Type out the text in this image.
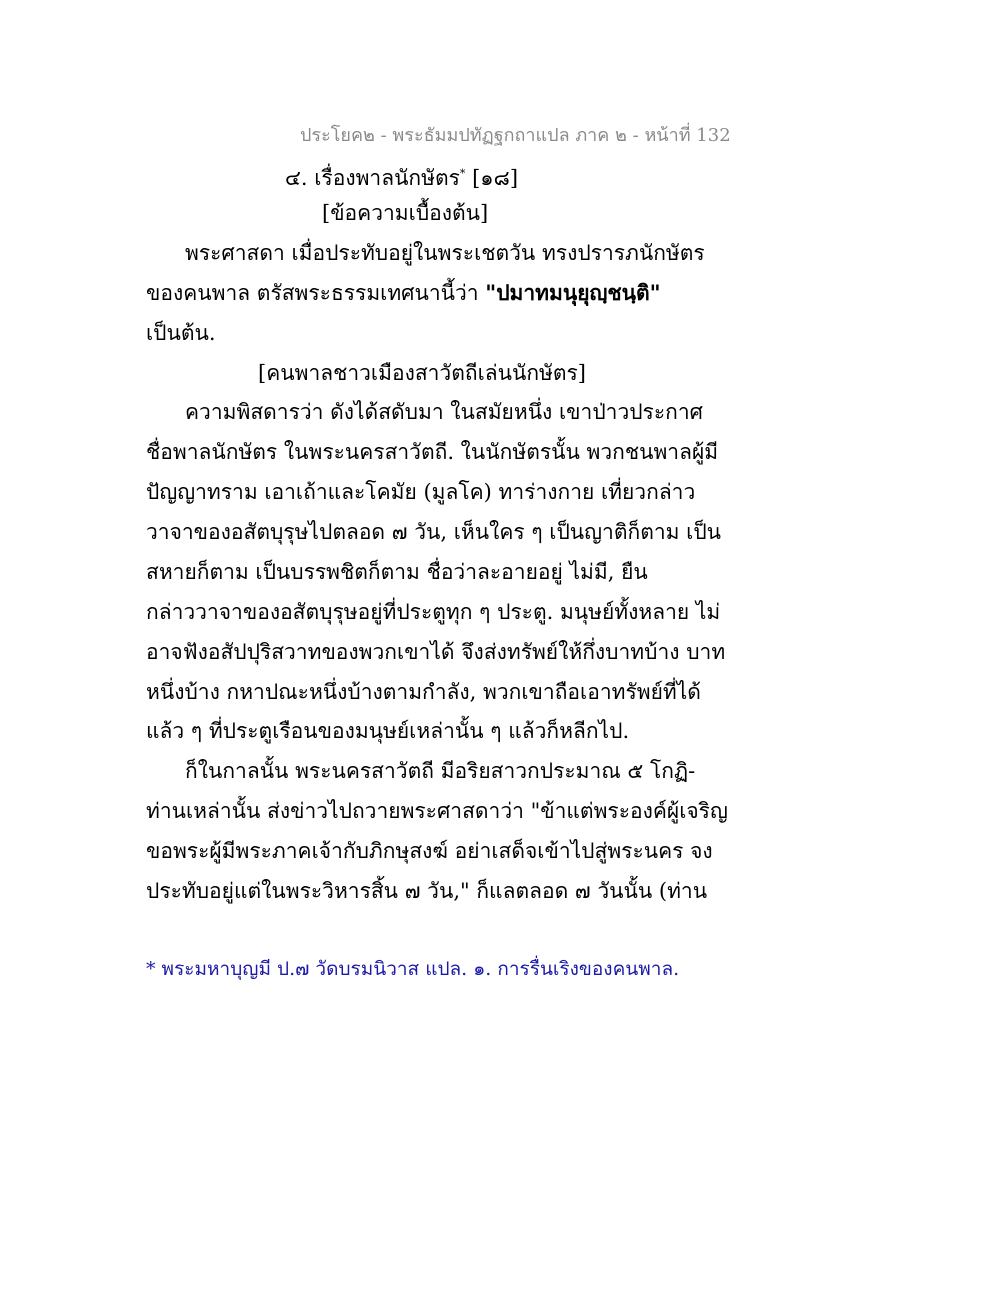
ประโยค๒ - พระธัมมปทัฏฐกถาแปล ภาค ๒ - หน้าที่ 132
๔. เรื่องพาลนักษัตร* [๑๘]
[ข้อความเบื้องต้น]
พระศาสดา เมื่อประทับอยู่ในพระเชตวัน ทรงปรารภนักษัตร
ของคนพาล ตรัสพระธรรมเทศนานี้ว่า "ปมาทมนุยุญฺชนฺติ"
เป็นต้น.
[คนพาลชาวเมืองสาวัตถีเล่นนักษัตร]
ความพิสดารว่า ดังได้สดับมา ในสมัยหนึ่ง เขาป่าวประกาศ
ชื่อพาลนักษัตร ในพระนครสาวัตถี. ในนักษัตรนั้น พวกชนพาลผู้มี
ปัญญาทราม เอาเถ้าและโคมัย (มูลโค) ทาร่างกาย เที่ยวกล่าว
วาจาของอสัตบุรุษไปตลอด ๗ วัน, เห็นใคร ๆ เป็นญาติก็ตาม เป็น
สหายก็ตาม เป็นบรรพชิตก็ตาม ชื่อว่าละอายอยู่ ไม่มี, ยืน
กล่าววาจาของอสัตบุรุษอยู่ที่ประตูทุก ๆ ประตู. มนุษย์ทั้งหลาย ไม่
อาจฟังอสัปปุริสวาทของพวกเขาได้ จึงส่งทรัพย์ให้กึ่งบาทบ้าง บาท
หนึ่งบ้าง กหาปณะหนึ่งบ้างตามกำลัง, พวกเขาถือเอาทรัพย์ที่ได้
แล้ว ๆ ที่ประตูเรือนของมนุษย์เหล่านั้น ๆ แล้วก็หลีกไป.
ก็ในกาลนั้น พระนครสาวัตถี มีอริยสาวกประมาณ ๕ โกฏิ-
ท่านเหล่านั้น ส่งข่าวไปถวายพระศาสดาว่า "ข้าแต่พระองค์ผู้เจริญ
ขอพระผู้มีพระภาคเจ้ากับภิกษุสงฆ์ อย่าเสด็จเข้าไปสู่พระนคร จง
ประทับอยู่แต่ในพระวิหารสิ้น ๗ วัน," ก็แลตลอด ๗ วันนั้น (ท่าน
* พระมหาบุญมี ป.๗ วัดบรมนิวาส แปล. ๑. การรื่นเริงของคนพาล.
